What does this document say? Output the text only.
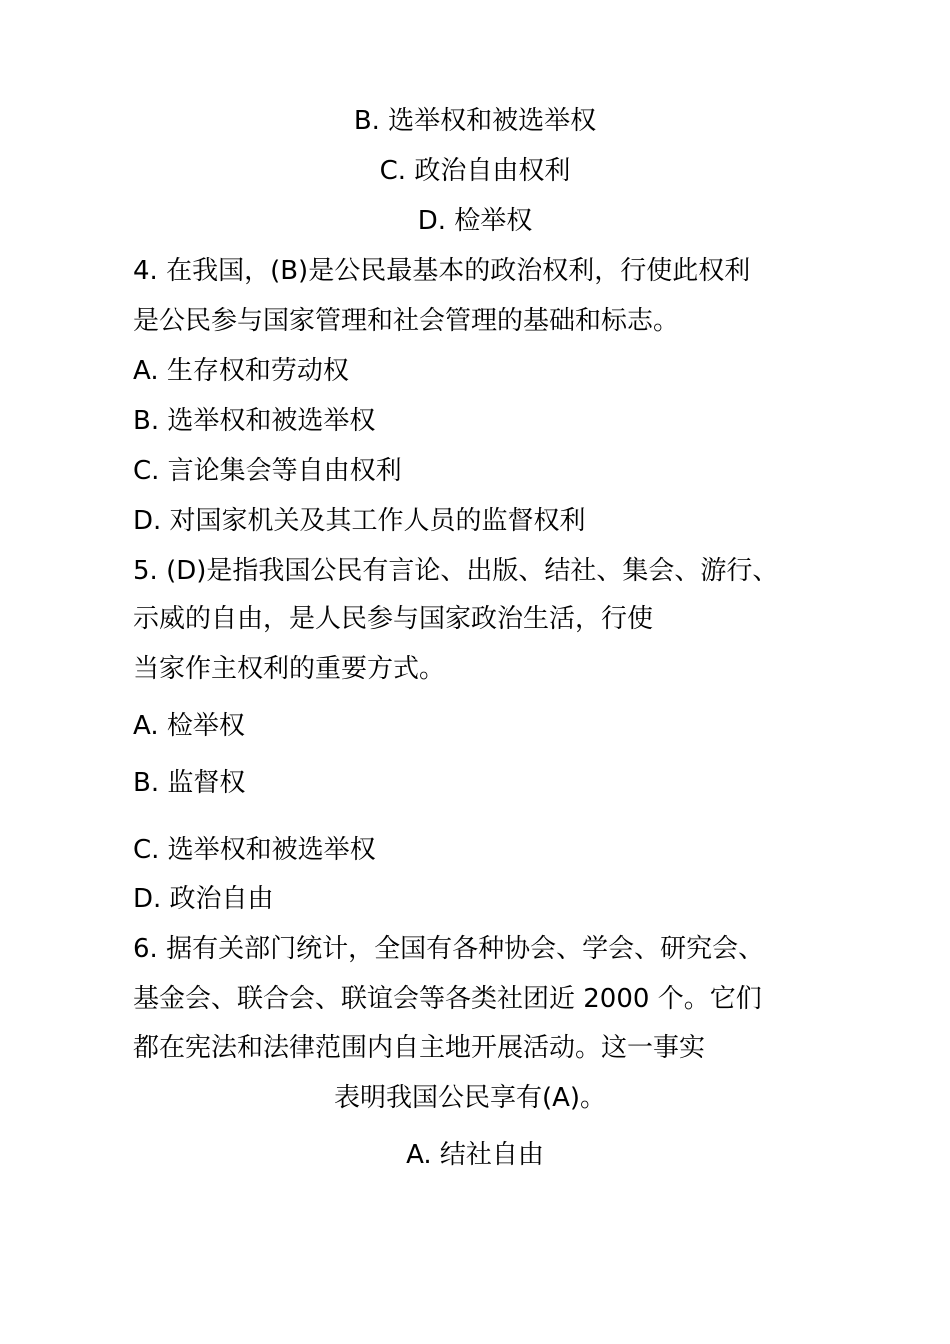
B. 选举权和被选举权
C. 政治自由权利
D. 检举权
4. 在我国，(B)是公民最基本的政治权利，行使此权利
是公民参与国家管理和社会管理的基础和标志。
A. 生存权和劳动权
B. 选举权和被选举权
C. 言论集会等自由权利
D. 对国家机关及其工作人员的监督权利
5. (D)是指我国公民有言论、出版、结社、集会、游行、
示威的自由，是人民参与国家政治生活，行使
当家作主权利的重要方式。
A. 检举权
B. 监督权
C. 选举权和被选举权
D. 政治自由
6. 据有关部门统计，全国有各种协会、学会、研究会、
基金会、联合会、联谊会等各类社团近 2000 个。它们
都在宪法和法律范围内自主地开展活动。这一事实
表明我国公民享有(A)。
A. 结社自由
